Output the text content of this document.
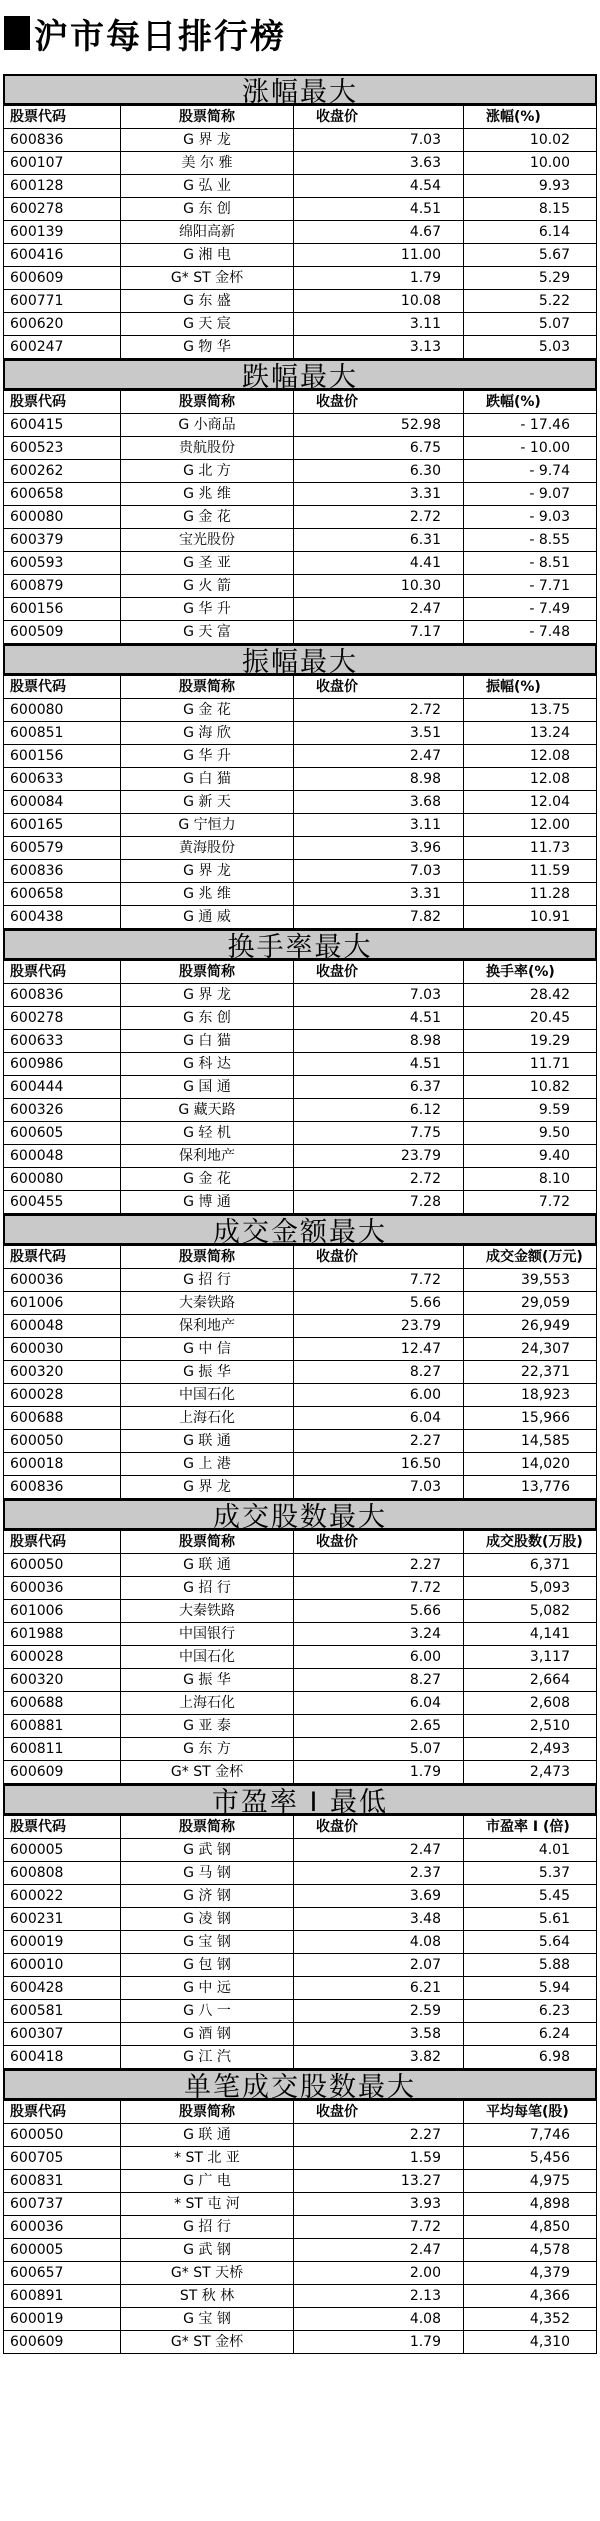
沪市每日排行榜
涨幅最大
股票代码	股票简称	收盘价	涨幅(%)
600836	G 界 龙	7.03	10.02
600107	美 尔 雅	3.63	10.00
600128	G 弘 业	4.54	9.93
600278	G 东 创	4.51	8.15
600139	绵阳高新	4.67	6.14
600416	G 湘 电	11.00	5.67
600609	G* ST 金杯	1.79	5.29
600771	G 东 盛	10.08	5.22
600620	G 天 宸	3.11	5.07
600247	G 物 华	3.13	5.03
跌幅最大
股票代码	股票简称	收盘价	跌幅(%)
600415	G 小商品	52.98	- 17.46
600523	贵航股份	6.75	- 10.00
600262	G 北 方	6.30	- 9.74
600658	G 兆 维	3.31	- 9.07
600080	G 金 花	2.72	- 9.03
600379	宝光股份	6.31	- 8.55
600593	G 圣 亚	4.41	- 8.51
600879	G 火 箭	10.30	- 7.71
600156	G 华 升	2.47	- 7.49
600509	G 天 富	7.17	- 7.48
振幅最大
股票代码	股票简称	收盘价	振幅(%)
600080	G 金 花	2.72	13.75
600851	G 海 欣	3.51	13.24
600156	G 华 升	2.47	12.08
600633	G 白 猫	8.98	12.08
600084	G 新 天	3.68	12.04
600165	G 宁恒力	3.11	12.00
600579	黄海股份	3.96	11.73
600836	G 界 龙	7.03	11.59
600658	G 兆 维	3.31	11.28
600438	G 通 威	7.82	10.91
换手率最大
股票代码	股票简称	收盘价	换手率(%)
600836	G 界 龙	7.03	28.42
600278	G 东 创	4.51	20.45
600633	G 白 猫	8.98	19.29
600986	G 科 达	4.51	11.71
600444	G 国 通	6.37	10.82
600326	G 藏天路	6.12	9.59
600605	G 轻 机	7.75	9.50
600048	保利地产	23.79	9.40
600080	G 金 花	2.72	8.10
600455	G 博 通	7.28	7.72
成交金额最大
股票代码	股票简称	收盘价	成交金额(万元)
600036	G 招 行	7.72	39,553
601006	大秦铁路	5.66	29,059
600048	保利地产	23.79	26,949
600030	G 中 信	12.47	24,307
600320	G 振 华	8.27	22,371
600028	中国石化	6.00	18,923
600688	上海石化	6.04	15,966
600050	G 联 通	2.27	14,585
600018	G 上 港	16.50	14,020
600836	G 界 龙	7.03	13,776
成交股数最大
股票代码	股票简称	收盘价	成交股数(万股)
600050	G 联 通	2.27	6,371
600036	G 招 行	7.72	5,093
601006	大秦铁路	5.66	5,082
601988	中国银行	3.24	4,141
600028	中国石化	6.00	3,117
600320	G 振 华	8.27	2,664
600688	上海石化	6.04	2,608
600881	G 亚 泰	2.65	2,510
600811	G 东 方	5.07	2,493
600609	G* ST 金杯	1.79	2,473
市盈率 I 最低
股票代码	股票简称	收盘价	市盈率 I (倍)
600005	G 武 钢	2.47	4.01
600808	G 马 钢	2.37	5.37
600022	G 济 钢	3.69	5.45
600231	G 凌 钢	3.48	5.61
600019	G 宝 钢	4.08	5.64
600010	G 包 钢	2.07	5.88
600428	G 中 远	6.21	5.94
600581	G 八 一	2.59	6.23
600307	G 酒 钢	3.58	6.24
600418	G 江 汽	3.82	6.98
单笔成交股数最大
股票代码	股票简称	收盘价	平均每笔(股)
600050	G 联 通	2.27	7,746
600705	* ST 北 亚	1.59	5,456
600831	G 广 电	13.27	4,975
600737	* ST 屯 河	3.93	4,898
600036	G 招 行	7.72	4,850
600005	G 武 钢	2.47	4,578
600657	G* ST 天桥	2.00	4,379
600891	ST 秋 林	2.13	4,366
600019	G 宝 钢	4.08	4,352
600609	G* ST 金杯	1.79	4,310
